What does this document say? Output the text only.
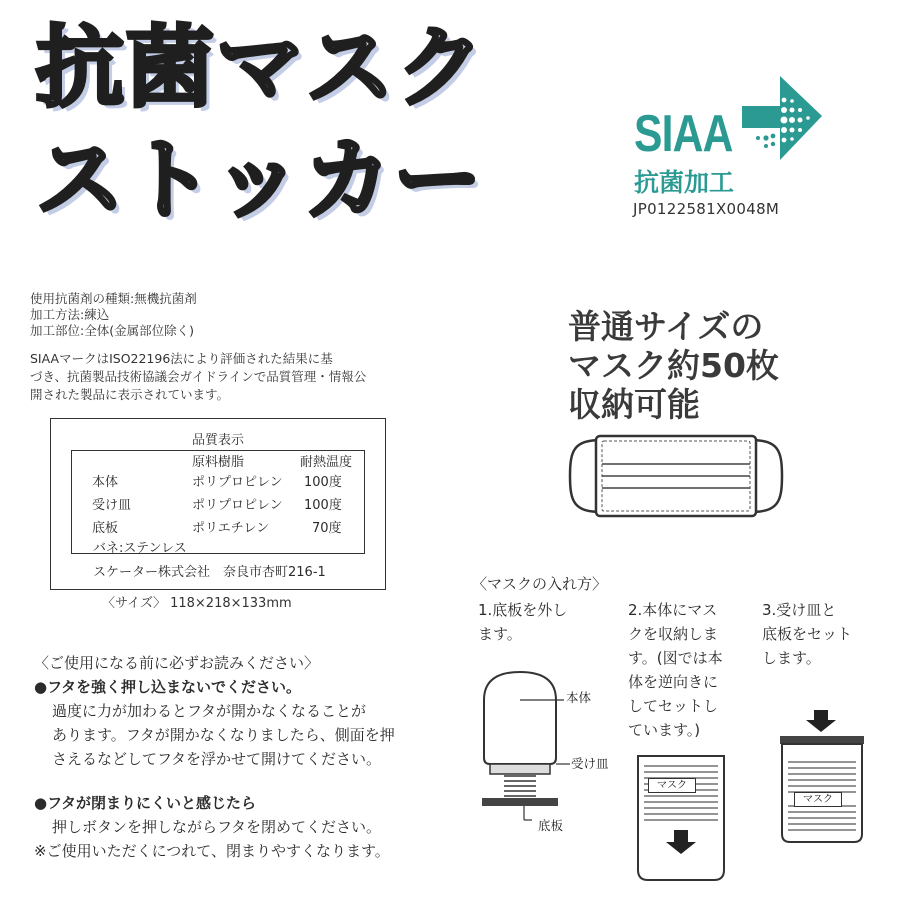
抗菌マスク
ストッカー	SIAA
抗菌加工
JP0122581X0048M
使用抗菌剤の種類:無機抗菌剤
加工方法:練込
加工部位:全体(金属部位除く)
SIAAマークはISO22196法により評価された結果に基
づき、抗菌製品技術協議会ガイドラインで品質管理・情報公
開された製品に表示されています。
品質表示
原料樹脂	耐熱温度
本体	ポリプロピレン 100度
受け皿	ポリプロピレン 100度
底板	ポリエチレン	70度
バネ:ステンレス
スケーター株式会社　奈良市杏町216-1
〈サイズ〉 118×218×133mm
〈ご使用になる前に必ずお読みください〉
●フタを強く押し込まないでください。
過度に力が加わるとフタが開かなくなることが
あります。フタが開かなくなりましたら、側面を押
さえるなどしてフタを浮かせて開けてください。
●フタが閉まりにくいと感じたら
押しボタンを押しながらフタを閉めてください。
※ご使用いただくにつれて、閉まりやすくなります。
普通サイズの
マスク約50枚
収納可能
〈マスクの入れ方〉
1.底板を外し
ます。
2.本体にマス
クを収納しま
す。(図では本
体を逆向きに
してセットし
ています。)
3.受け皿と
底板をセット
します。
本体
受け皿
底板
マスク
マスク
